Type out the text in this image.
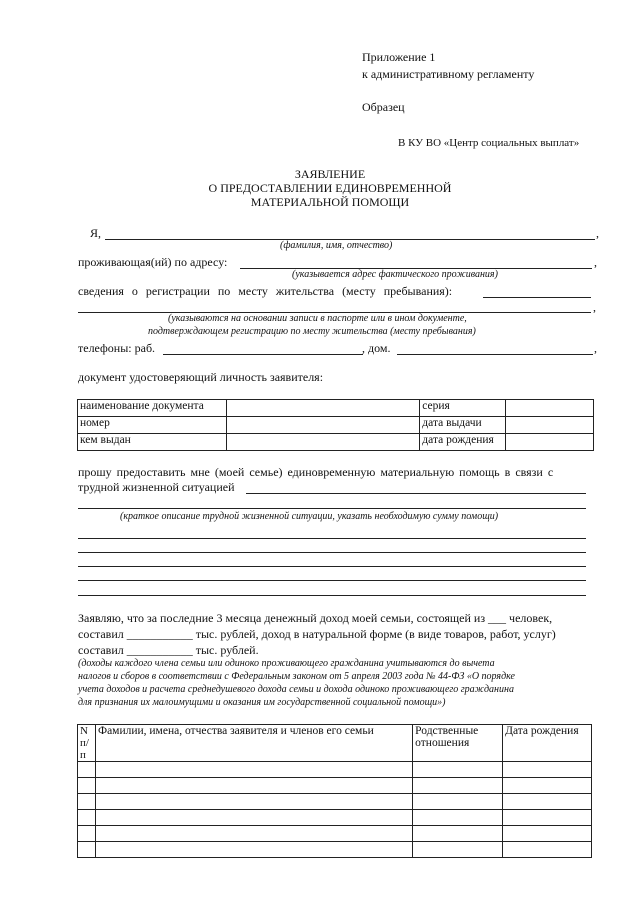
Приложение 1
к административному регламенту
Образец
В КУ ВО «Центр социальных выплат»
ЗАЯВЛЕНИЕ
О ПРЕДОСТАВЛЕНИИ ЕДИНОВРЕМЕННОЙ
МАТЕРИАЛЬНОЙ ПОМОЩИ
Я,	,
(фамилия, имя, отчество)
проживающая(ий) по адресу:	,
(указывается адрес фактического проживания)
сведения о регистрации по месту жительства (месту пребывания):
,
(указываются на основании записи в паспорте или в ином документе,
подтверждающем регистрацию по месту жительства (месту пребывания)
телефоны: раб.	, дом.	,
документ удостоверяющий личность заявителя:
наименование документа		серия	
номер		дата выдачи	
кем выдан		дата рождения	
прошу предоставить мне (моей семье) единовременную материальную помощь в связи с
трудной жизненной ситуацией
(краткое описание трудной жизненной ситуации, указать необходимую сумму помощи)
Заявляю, что за последние 3 месяца денежный доход моей семьи, состоящей из ___ человек,
составил ___________ тыс. рублей, доход в натуральной форме (в виде товаров, работ, услуг)
составил ___________ тыс. рублей.
(доходы каждого члена семьи или одиноко проживающего гражданина учитываются до вычета
налогов и сборов в соответствии с Федеральным законом от 5 апреля 2003 года № 44-ФЗ «О порядке
учета доходов и расчета среднедушевого дохода семьи и дохода одиноко проживающего гражданина
для признания их малоимущими и оказания им государственной социальной помощи»)
N п/п	Фамилии, имена, отчества заявителя и членов его семьи	Родственные отношения	Дата рождения
